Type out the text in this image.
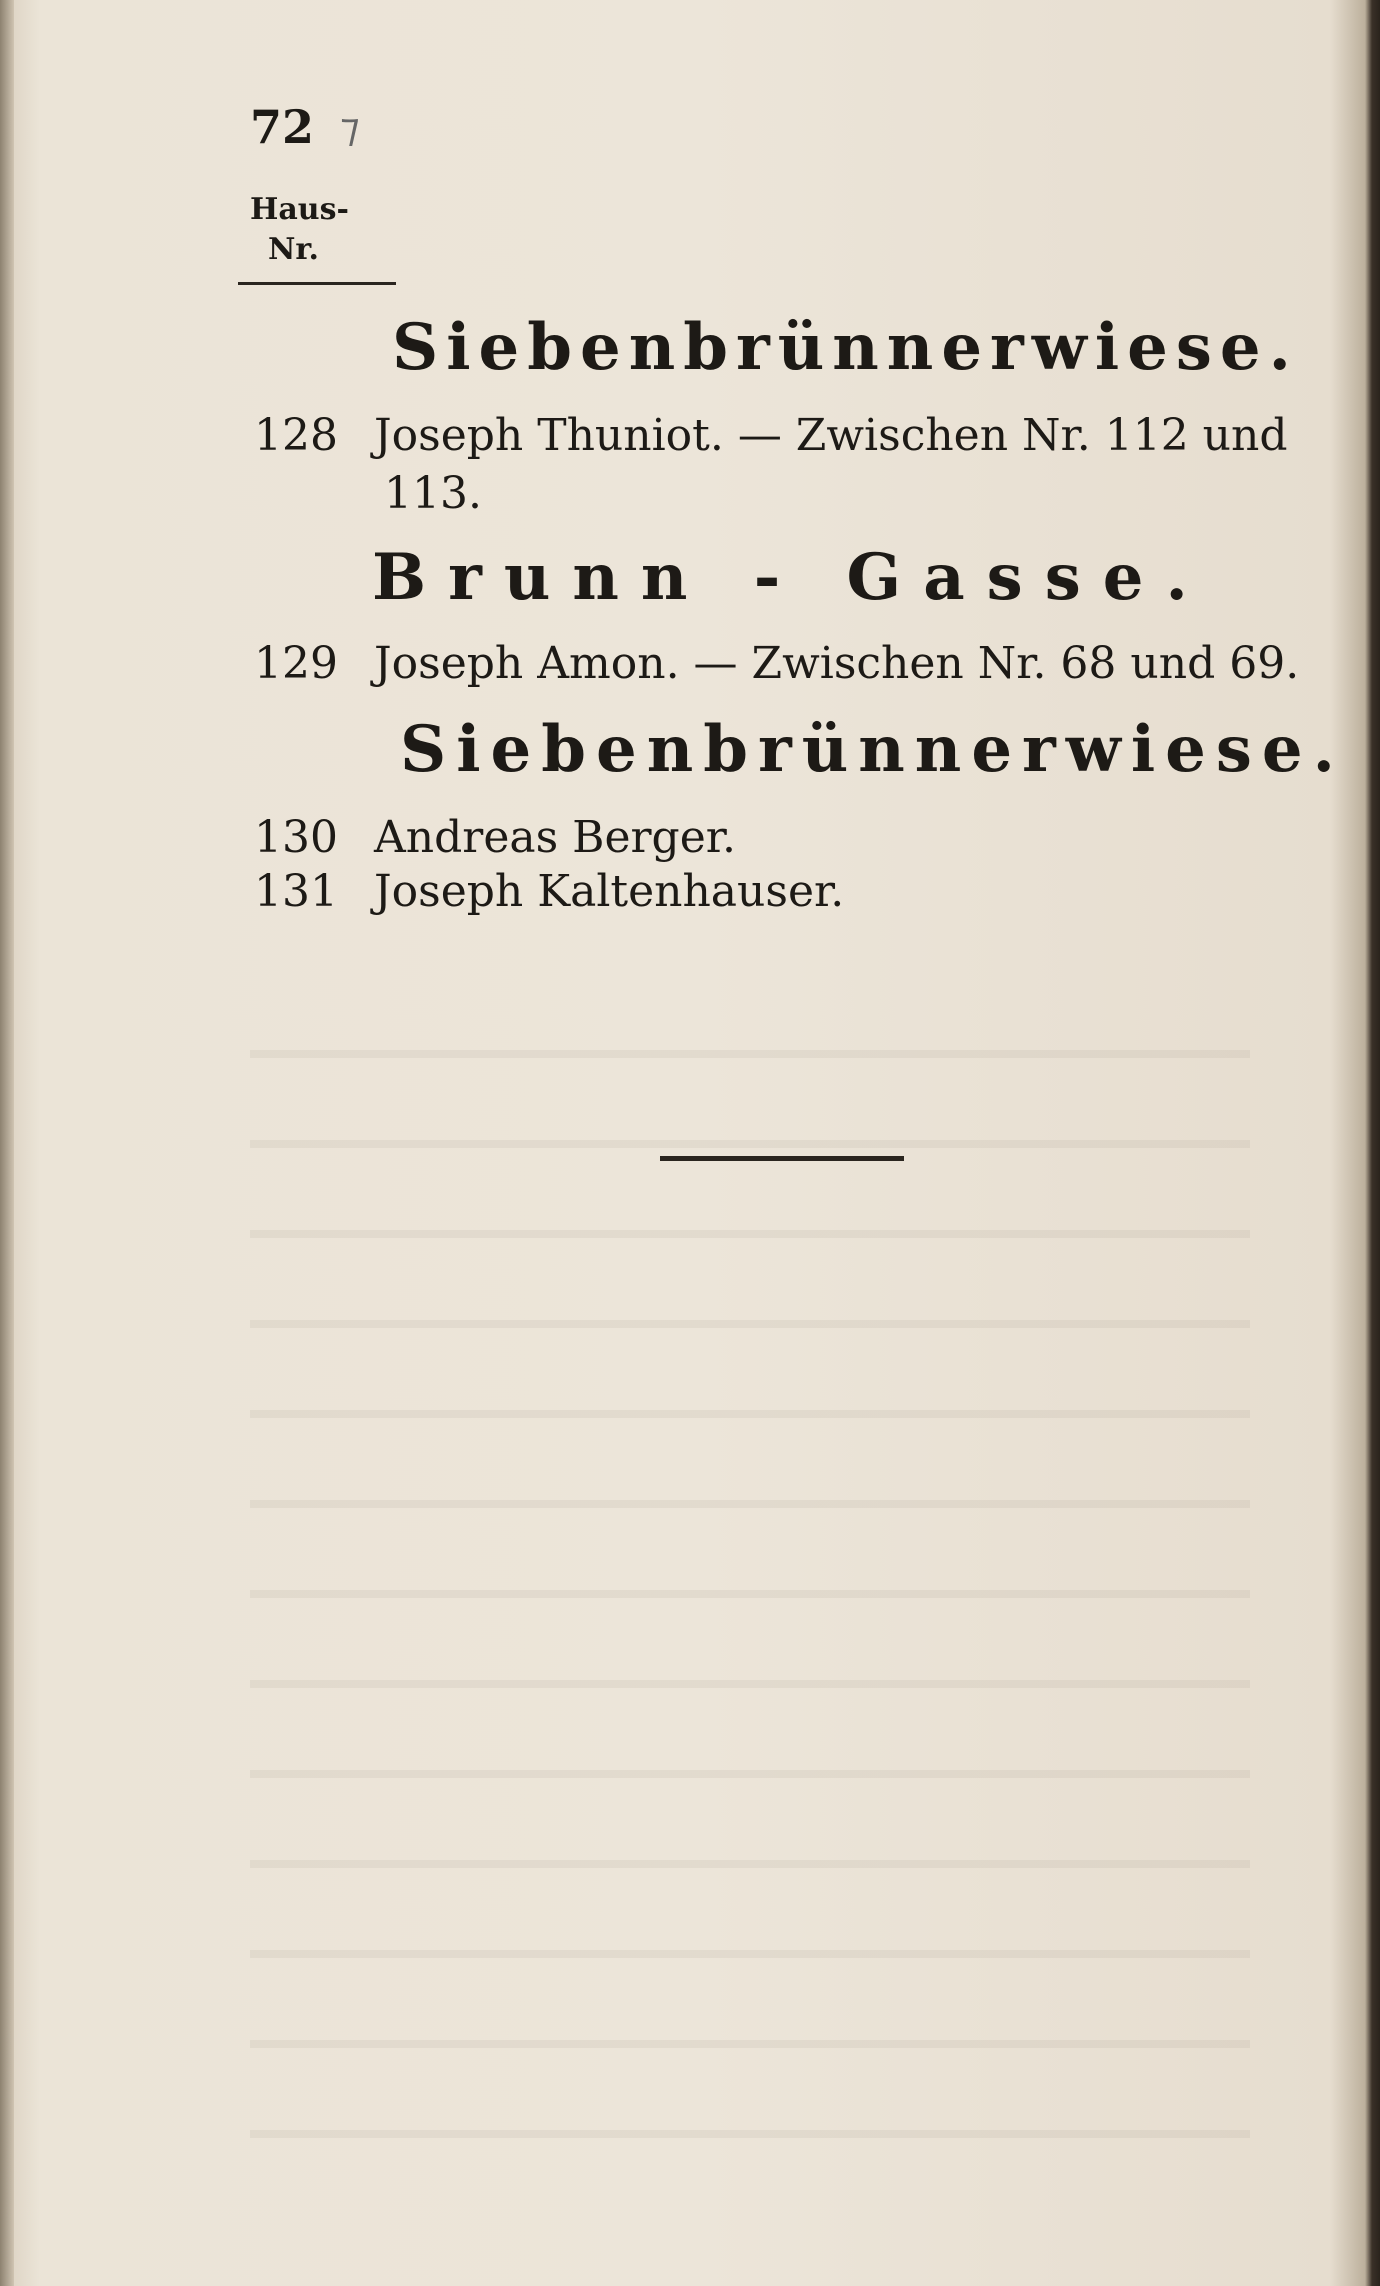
72 ⁊
Haus-
Nr.
Siebenbrünnerwiese.
128 Joseph Thuniot. — Zwischen Nr. 112 und
113.
Brunn - Gasse.
129 Joseph Amon. — Zwischen Nr. 68 und 69.
Siebenbrünnerwiese.
130 Andreas Berger.
131 Joseph Kaltenhauser.
